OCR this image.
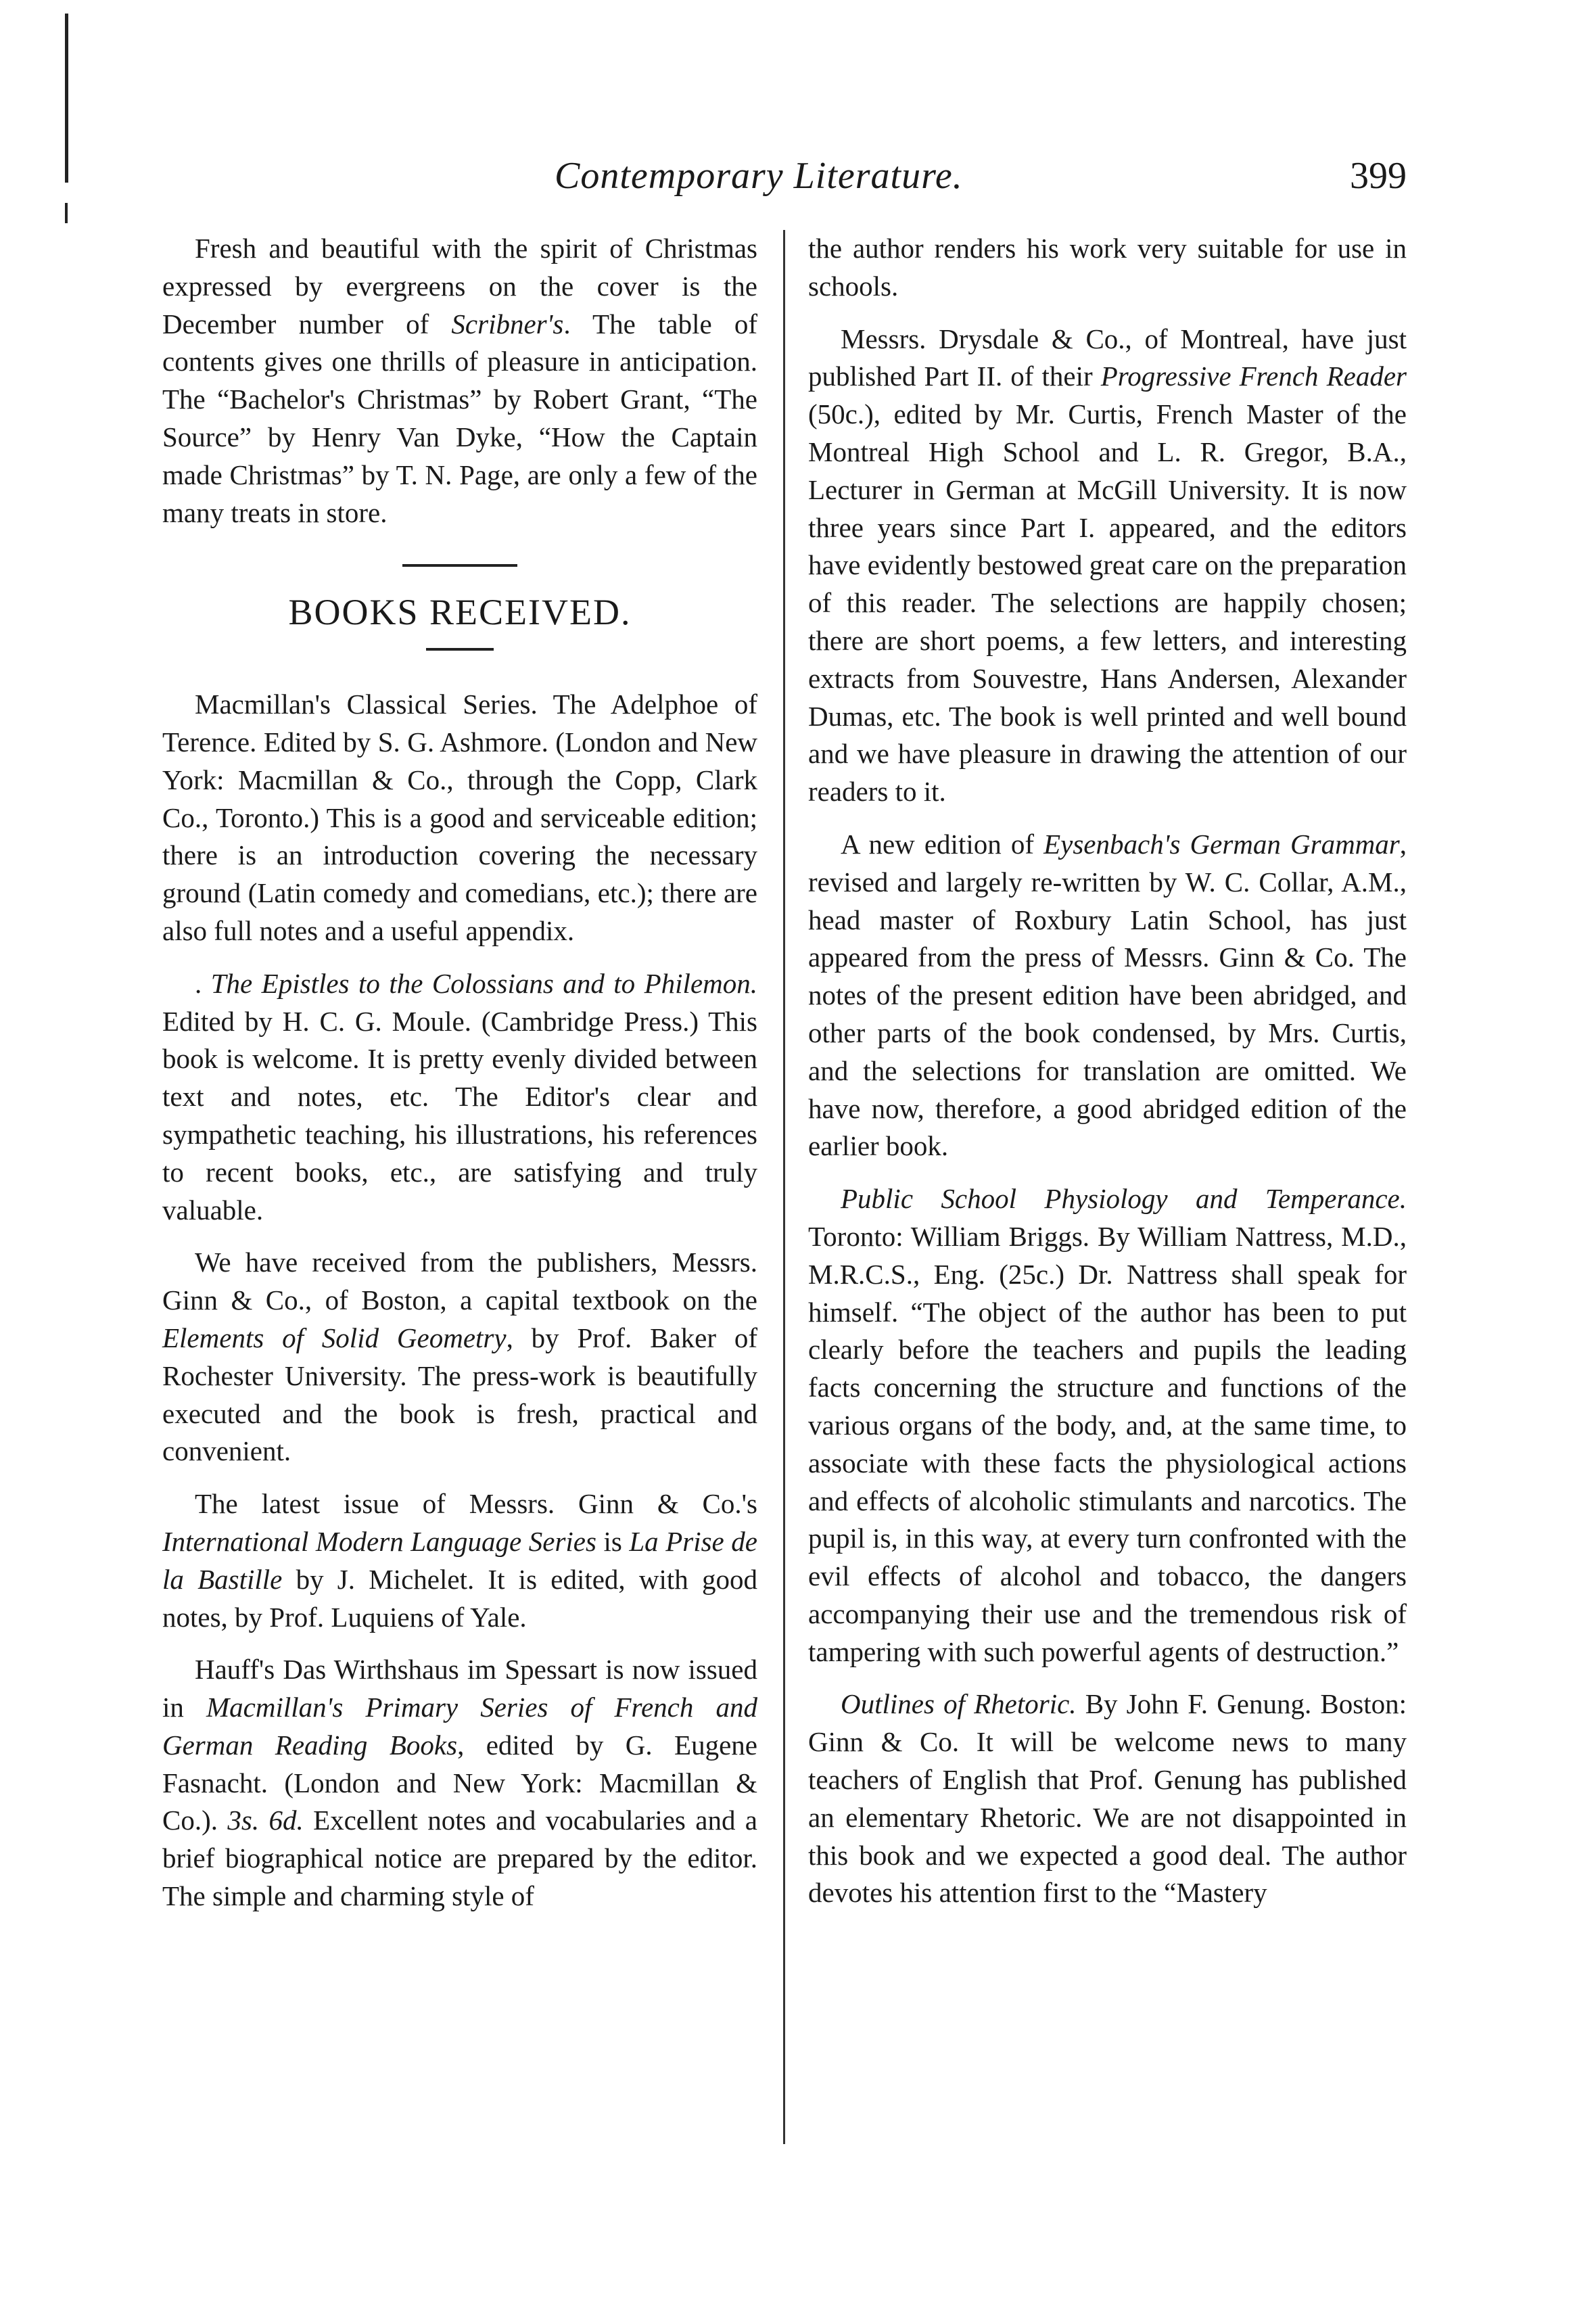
Contemporary Literature.	399

Fresh and beautiful with the spirit of Christmas expressed by evergreens on the cover is the December number of Scribner's. The table of contents gives one thrills of pleasure in anticipation. The “Bachelor's Christmas” by Robert Grant, “The Source” by Henry Van Dyke, “How the Captain made Christmas” by T. N. Page, are only a few of the many treats in store.

BOOKS RECEIVED.

Macmillan's Classical Series. The Adelphoe of Terence. Edited by S. G. Ashmore. (London and New York: Macmillan & Co., through the Copp, Clark Co., Toronto.) This is a good and serviceable edition; there is an introduction covering the necessary ground (Latin comedy and comedians, etc.); there are also full notes and a useful appendix.

. The Epistles to the Colossians and to Philemon. Edited by H. C. G. Moule. (Cambridge Press.) This book is welcome. It is pretty evenly divided between text and notes, etc. The Editor's clear and sympathetic teaching, his illustrations, his references to recent books, etc., are satisfying and truly valuable.

We have received from the publishers, Messrs. Ginn & Co., of Boston, a capital textbook on the Elements of Solid Geometry, by Prof. Baker of Rochester University. The press-work is beautifully executed and the book is fresh, practical and convenient.

The latest issue of Messrs. Ginn & Co.'s International Modern Language Series is La Prise de la Bastille by J. Michelet. It is edited, with good notes, by Prof. Luquiens of Yale.

Hauff's Das Wirthshaus im Spessart is now issued in Macmillan's Primary Series of French and German Reading Books, edited by G. Eugene Fasnacht. (London and New York: Macmillan & Co.). 3s. 6d. Excellent notes and vocabularies and a brief biographical notice are prepared by the editor. The simple and charming style of

the author renders his work very suitable for use in schools.

Messrs. Drysdale & Co., of Montreal, have just published Part II. of their Progressive French Reader (50c.), edited by Mr. Curtis, French Master of the Montreal High School and L. R. Gregor, B.A., Lecturer in German at McGill University. It is now three years since Part I. appeared, and the editors have evidently bestowed great care on the preparation of this reader. The selections are happily chosen; there are short poems, a few letters, and interesting extracts from Souvestre, Hans Andersen, Alexander Dumas, etc. The book is well printed and well bound and we have pleasure in drawing the attention of our readers to it.

A new edition of Eysenbach's German Grammar, revised and largely re-written by W. C. Collar, A.M., head master of Roxbury Latin School, has just appeared from the press of Messrs. Ginn & Co. The notes of the present edition have been abridged, and other parts of the book condensed, by Mrs. Curtis, and the selections for translation are omitted. We have now, therefore, a good abridged edition of the earlier book.

Public School Physiology and Temperance. Toronto: William Briggs. By William Nattress, M.D., M.R.C.S., Eng. (25c.) Dr. Nattress shall speak for himself. “The object of the author has been to put clearly before the teachers and pupils the leading facts concerning the structure and functions of the various organs of the body, and, at the same time, to associate with these facts the physiological actions and effects of alcoholic stimulants and narcotics. The pupil is, in this way, at every turn confronted with the evil effects of alcohol and tobacco, the dangers accompanying their use and the tremendous risk of tampering with such powerful agents of destruction.”

Outlines of Rhetoric. By John F. Genung. Boston: Ginn & Co. It will be welcome news to many teachers of English that Prof. Genung has published an elementary Rhetoric. We are not disappointed in this book and we expected a good deal. The author devotes his attention first to the “Mastery
